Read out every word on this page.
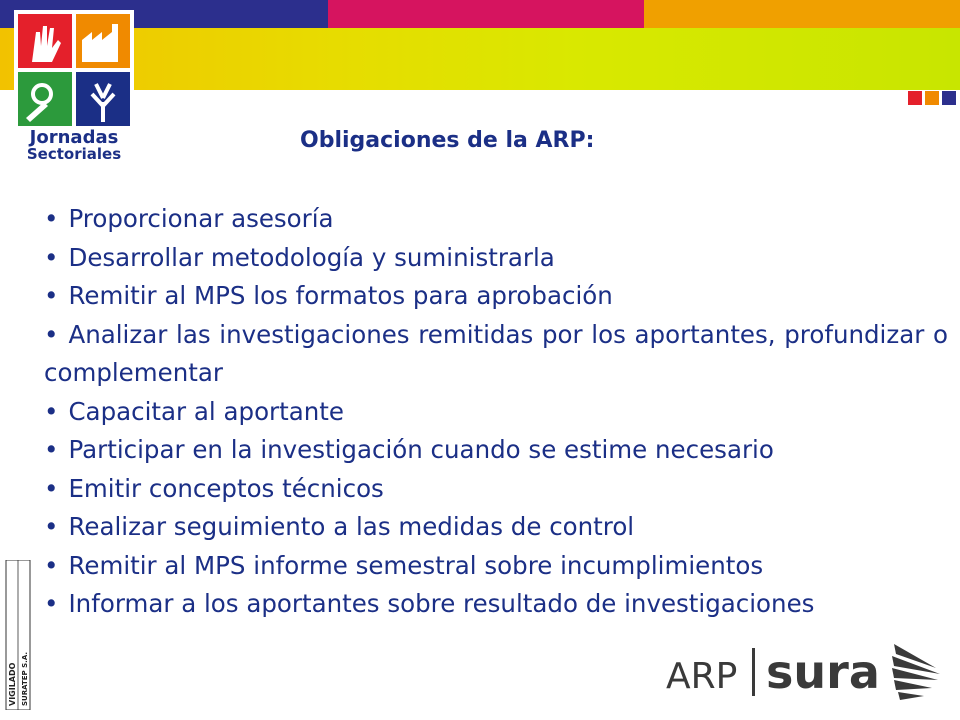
Jornadas
Sectoriales
Obligaciones de la ARP:
• Proporcionar asesoría
• Desarrollar metodología y suministrarla
• Remitir al MPS los formatos para aprobación
• Analizar las investigaciones remitidas por los aportantes, profundizar o complementar
• Capacitar al aportante
• Participar en la investigación cuando se estime necesario
• Emitir conceptos técnicos
• Realizar seguimiento a las medidas de control
• Remitir al MPS informe semestral sobre incumplimientos
• Informar a los aportantes sobre resultado de investigaciones
VIGILADO SURATEP S.A.	ARP sura
